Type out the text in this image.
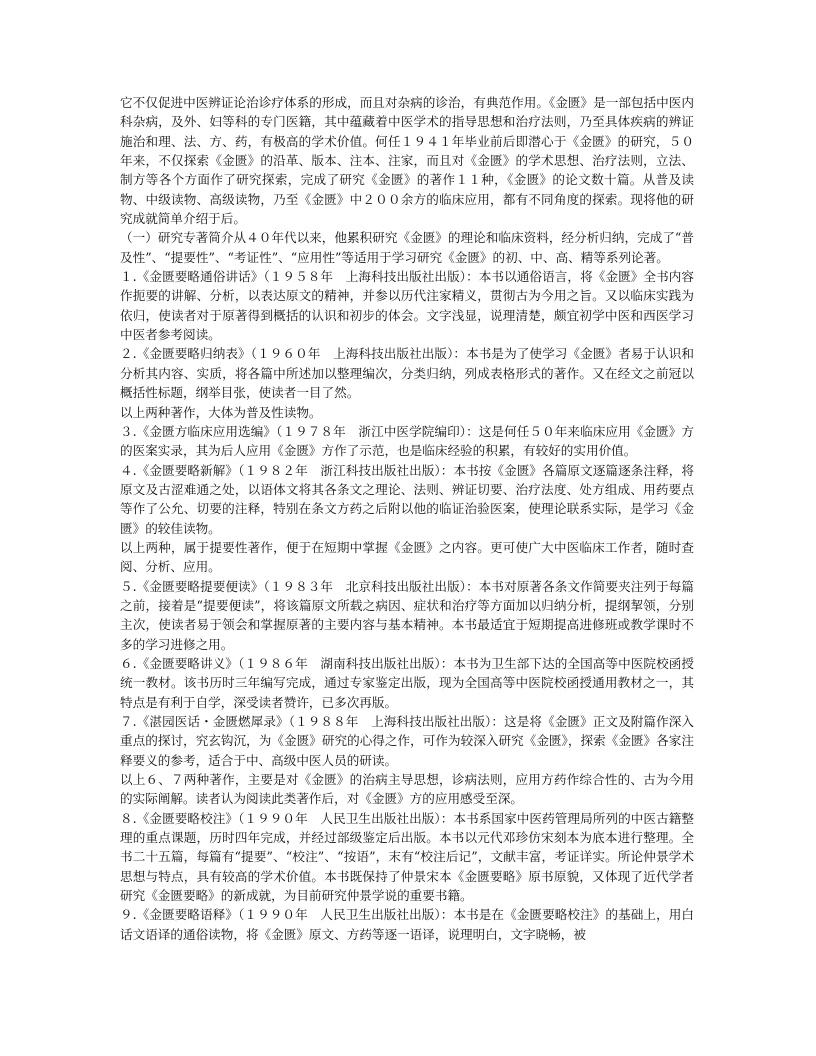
它不仅促进中医辨证论治诊疗体系的形成，而且对杂病的诊治，有典范作用。《金匮》是一部包括中医内科杂病，及外、妇等科的专门医籍，其中蕴藏着中医学术的指导思想和治疗法则，乃至具体疾病的辨证施治和理、法、方、药，有极高的学术价值。何任１９４１年毕业前后即潜心于《金匮》的研究，５０年来，不仅探索《金匮》的沿革、版本、注本、注家，而且对《金匮》的学术思想、治疗法则，立法、制方等各个方面作了研究探索，完成了研究《金匮》的著作１１种，《金匮》的论文数十篇。从普及读物、中级读物、高级读物，乃至《金匮》中２００余方的临床应用，都有不同角度的探索。现将他的研究成就简单介绍于后。

（一）研究专著简介从４０年代以来，他累积研究《金匮》的理论和临床资料，经分析归纳，完成了“普及性”、“提要性”、“考证性”、“应用性”等适用于学习研究《金匮》的初、中、高、精等系列论著。

１.《金匮要略通俗讲话》（１９５８年　上海科技出版社出版）：本书以通俗语言，将《金匮》全书内容作扼要的讲解、分析，以表达原文的精神，并参以历代注家精义，贯彻古为今用之旨。又以临床实践为依归，使读者对于原著得到概括的认识和初步的体会。文字浅显，说理清楚，颇宜初学中医和西医学习中医者参考阅读。

２.《金匮要略归纳表》（１９６０年　上海科技出版社出版）：本书是为了使学习《金匮》者易于认识和分析其内容、实质，将各篇中所述加以整理编次，分类归纳，列成表格形式的著作。又在经文之前冠以概括性标题，纲举目张，使读者一目了然。

以上两种著作，大体为普及性读物。

３.《金匮方临床应用选编》（１９７８年　浙江中医学院编印）：这是何任５０年来临床应用《金匮》方的医案实录，其为后人应用《金匮》方作了示范，也是临床经验的积累，有较好的实用价值。

４.《金匮要略新解》（１９８２年　浙江科技出版社出版）：本书按《金匮》各篇原文逐篇逐条注释，将原文及古涩难通之处，以语体文将其各条文之理论、法则、辨证切要、治疗法度、处方组成、用药要点等作了公允、切要的注释，特别在条文方药之后附以他的临证治验医案，使理论联系实际，是学习《金匮》的较佳读物。

以上两种，属于提要性著作，便于在短期中掌握《金匮》之内容。更可使广大中医临床工作者，随时查阅、分析、应用。

５.《金匮要略提要便读》（１９８３年　北京科技出版社出版）：本书对原著各条文作简要夹注列于每篇之前，接着是“提要便读”，将该篇原文所载之病因、症状和治疗等方面加以归纳分析，提纲挈领，分别主次，使读者易于领会和掌握原著的主要内容与基本精神。本书最适宜于短期提高进修班或教学课时不多的学习进修之用。

６.《金匮要略讲义》（１９８６年　湖南科技出版社出版）：本书为卫生部下达的全国高等中医院校函授统一教材。该书历时三年编写完成，通过专家鉴定出版，现为全国高等中医院校函授通用教材之一，其特点是有利于自学，深受读者赞许，已多次再版。

７.《湛园医话・金匮燃犀录》（１９８８年　上海科技出版社出版）：这是将《金匮》正文及附篇作深入重点的探讨，究玄钩沉，为《金匮》研究的心得之作，可作为较深入研究《金匮》，探索《金匮》各家注释要义的参考，适合于中、高级中医人员的研读。

以上６、７两种著作，主要是对《金匮》的治病主导思想，诊病法则，应用方药作综合性的、古为今用的实际阐解。读者认为阅读此类著作后，对《金匮》方的应用感受至深。

８.《金匮要略校注》（１９９０年　人民卫生出版社出版）：本书系国家中医药管理局所列的中医古籍整理的重点课题，历时四年完成，并经过部级鉴定后出版。本书以元代邓珍仿宋刻本为底本进行整理。全书二十五篇，每篇有“提要”、“校注”、“按语”，末有“校注后记”，文献丰富，考证详实。所论仲景学术思想与特点，具有较高的学术价值。本书既保持了仲景宋本《金匮要略》原书原貌，又体现了近代学者研究《金匮要略》的新成就，为目前研究仲景学说的重要书籍。

９.《金匮要略语释》（１９９０年　人民卫生出版社出版）：本书是在《金匮要略校注》的基础上，用白话文语译的通俗读物，将《金匮》原文、方药等逐一语译，说理明白，文字晓畅，被
